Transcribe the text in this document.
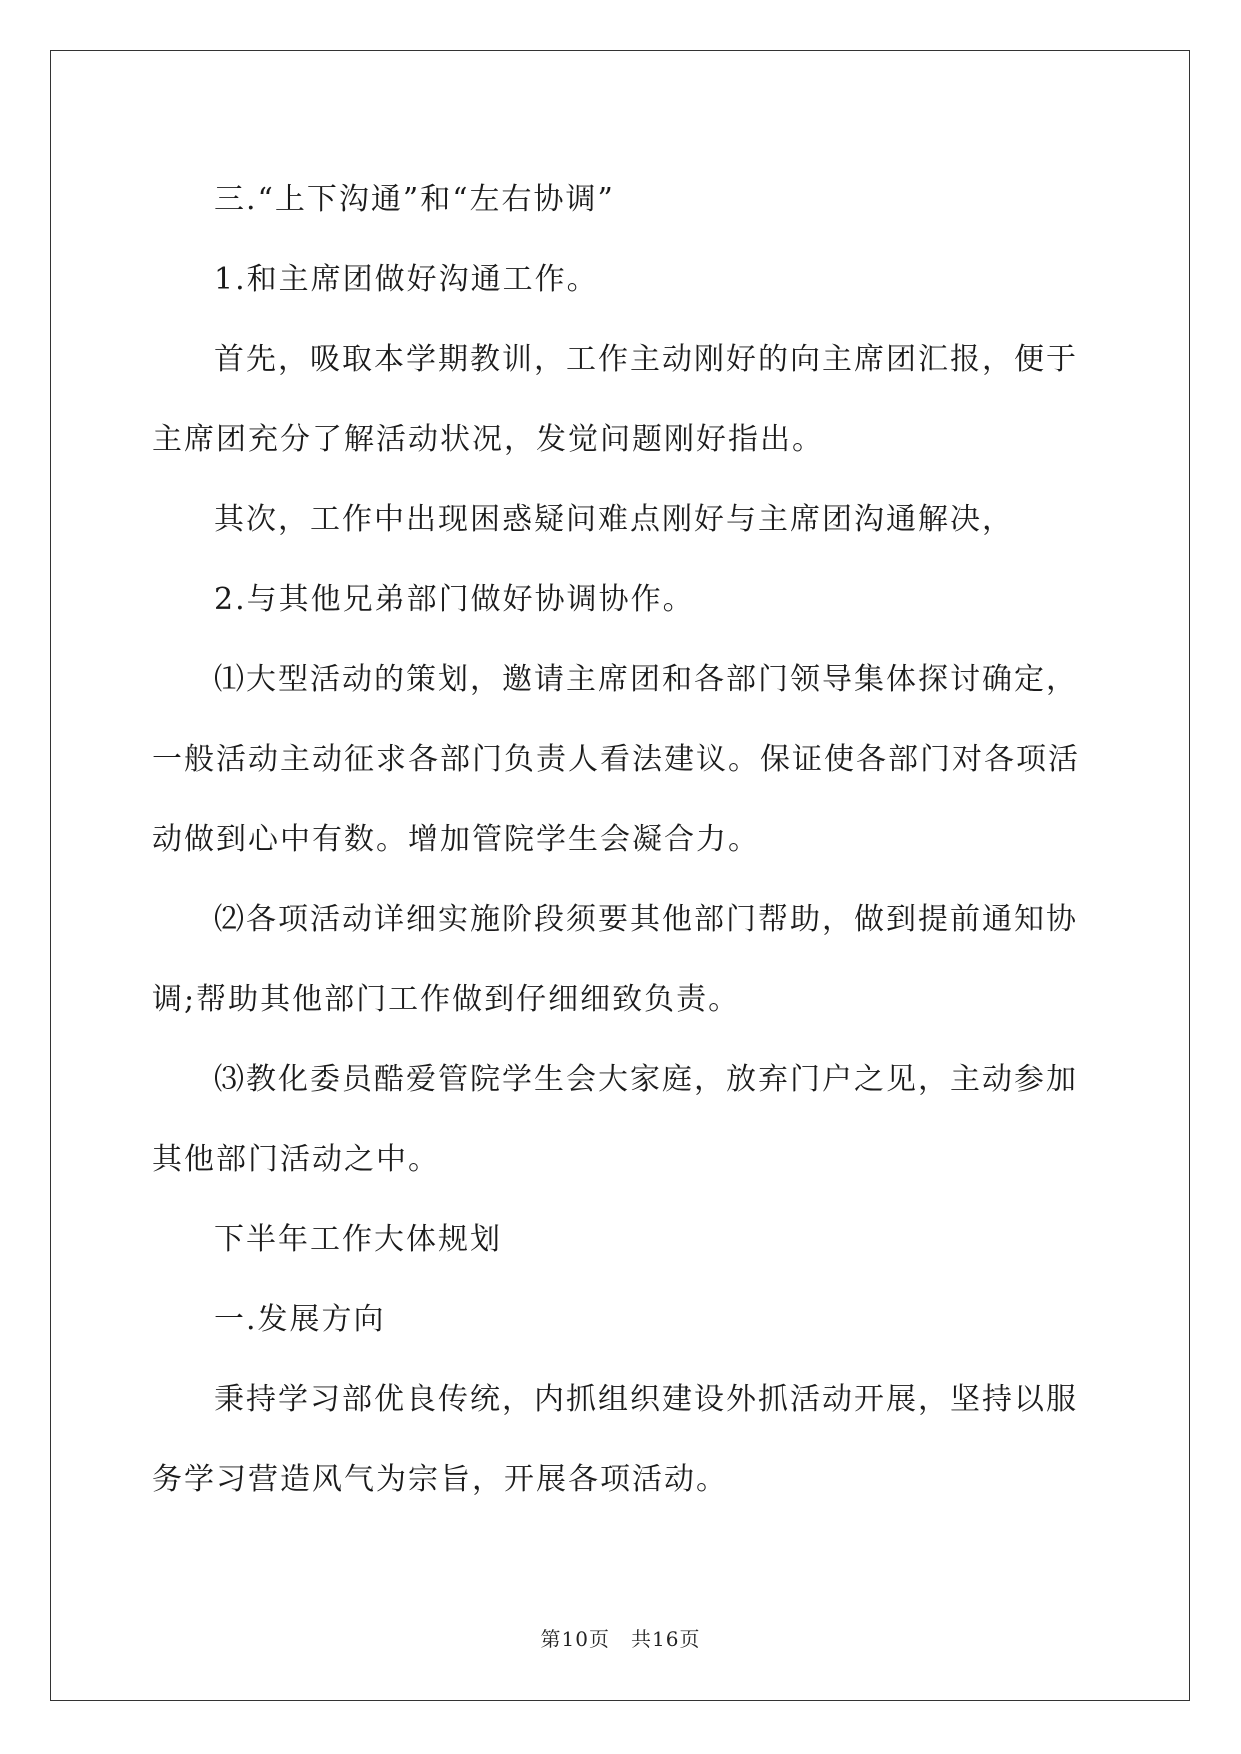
三.“上下沟通”和“左右协调”

1.和主席团做好沟通工作。

首先，吸取本学期教训，工作主动刚好的向主席团汇报，便于主席团充分了解活动状况，发觉问题刚好指出。

其次，工作中出现困惑疑问难点刚好与主席团沟通解决，

2.与其他兄弟部门做好协调协作。

⑴大型活动的策划，邀请主席团和各部门领导集体探讨确定，一般活动主动征求各部门负责人看法建议。保证使各部门对各项活动做到心中有数。增加管院学生会凝合力。

⑵各项活动详细实施阶段须要其他部门帮助，做到提前通知协调;帮助其他部门工作做到仔细细致负责。

⑶教化委员酷爱管院学生会大家庭，放弃门户之见，主动参加其他部门活动之中。

下半年工作大体规划

一.发展方向

秉持学习部优良传统，内抓组织建设外抓活动开展，坚持以服务学习营造风气为宗旨，开展各项活动。

第10页　共16页
